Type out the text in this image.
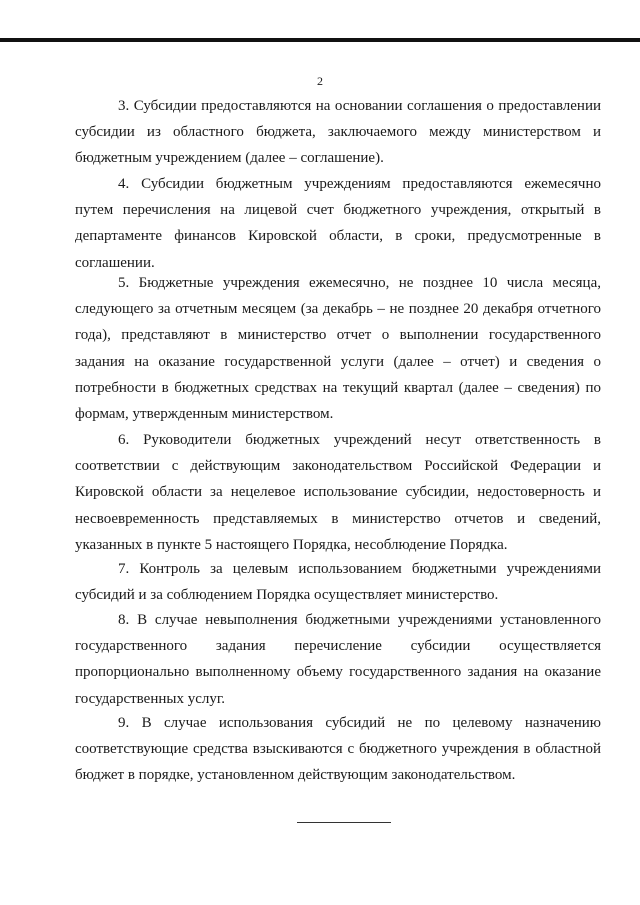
2

3. Субсидии предоставляются на основании соглашения о предоставлении субсидии из областного бюджета, заключаемого между министерством и бюджетным учреждением (далее – соглашение).

4. Субсидии бюджетным учреждениям предоставляются ежемесячно путем перечисления на лицевой счет бюджетного учреждения, открытый в департаменте финансов Кировской области, в сроки, предусмотренные в соглашении.

5. Бюджетные учреждения ежемесячно, не позднее 10 числа месяца, следующего за отчетным месяцем (за декабрь – не позднее 20 декабря отчетного года), представляют в министерство отчет о выполнении государственного задания на оказание государственной услуги (далее – отчет) и сведения о потребности в бюджетных средствах на текущий квартал (далее – сведения) по формам, утвержденным министерством.

6. Руководители бюджетных учреждений несут ответственность в соответствии с действующим законодательством Российской Федерации и Кировской области за нецелевое использование субсидии, недостоверность и несвоевременность представляемых в министерство отчетов и сведений, указанных в пункте 5 настоящего Порядка, несоблюдение Порядка.

7. Контроль за целевым использованием бюджетными учреждениями субсидий и за соблюдением Порядка осуществляет министерство.

8. В случае невыполнения бюджетными учреждениями установленного государственного задания перечисление субсидии осуществляется пропорционально выполненному объему государственного задания на оказание государственных услуг.

9. В случае использования субсидий не по целевому назначению соответствующие средства взыскиваются с бюджетного учреждения в областной бюджет в порядке, установленном действующим законодательством.
